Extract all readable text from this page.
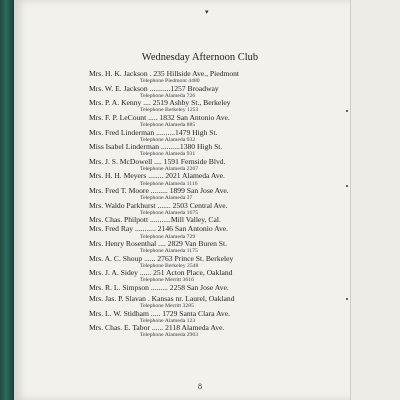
▾
Wednesday Afternoon Club
Mrs. H. K. Jackson . 235 Hillside Ave., Piedmont
Telephone Piedmont 4480
Mrs. W. E. Jackson ...........1257 Broadway
Telephone Alameda 726
Mrs. P. A. Kenny .... 2519 Ashby St., Berkeley
Telephone Berkeley 1253
Mrs. F. P. LeCount ..... 1832 San Antonio Ave.
Telephone Alameda 885
Mrs. Fred Linderman ..........1479 High St.
Telephone Alameda 932
Miss Isabel Linderman ..........1380 High St.
Telephone Alameda 931
Mrs. J. S. McDowell .... 1591 Fernside Blvd.
Telephone Alameda 2267
Mrs. H. H. Meyers ........ 2021 Alameda Ave.
Telephone Alameda 1116
Mrs. Fred T. Moore ......... 1899 San Jose Ave.
Telephone Alameda 37
Mrs. Waldo Parkhurst ....... 2503 Central Ave.
Telephone Alameda 1675
Mrs. Chas. Philpott ...........Mill Valley, Cal.
Mrs. Fred Ray ........... 2146 San Antonio Ave.
Telephone Alameda 729
Mrs. Henry Rosenthal .... 2829 Van Buren St.
Telephone Alameda 1175
Mrs. A. C. Shoup ...... 2763 Prince St. Berkeley
Telephone Berkeley 2548
Mrs. J. A. Sidey ...... 251 Acton Place, Oakland
Telephone Merritt 3616
Mrs. R. L. Simpson ......... 2258 San Jose Ave.
Mrs. Jas. P. Slavan . Kansas nr. Laurel, Oakland
Telephone Merritt 3285
Mrs. L. W. Stidham ..... 1729 Santa Clara Ave.
Telephone Alameda 123
Mrs. Chas. E. Tabor ...... 2118 Alameda Ave.
Telephone Alameda 2903
8
